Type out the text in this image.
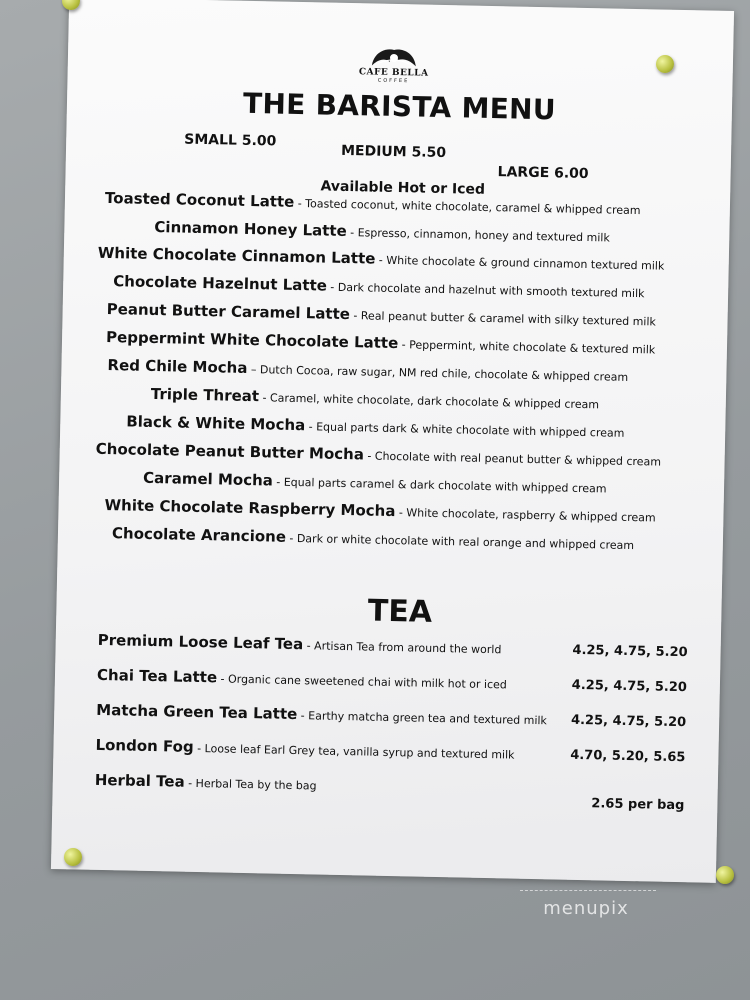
CAFE BELLA
COFFEE
THE BARISTA MENU
SMALL 5.00
MEDIUM 5.50
LARGE 6.00
Available Hot or Iced
Toasted Coconut Latte - Toasted coconut, white chocolate, caramel & whipped cream
Cinnamon Honey Latte - Espresso, cinnamon, honey and textured milk
White Chocolate Cinnamon Latte - White chocolate & ground cinnamon textured milk
Chocolate Hazelnut Latte - Dark chocolate and hazelnut with smooth textured milk
Peanut Butter Caramel Latte - Real peanut butter & caramel with silky textured milk
Peppermint White Chocolate Latte - Peppermint, white chocolate & textured milk
Red Chile Mocha – Dutch Cocoa, raw sugar, NM red chile, chocolate & whipped cream
Triple Threat - Caramel, white chocolate, dark chocolate & whipped cream
Black & White Mocha - Equal parts dark & white chocolate with whipped cream
Chocolate Peanut Butter Mocha - Chocolate with real peanut butter & whipped cream
Caramel Mocha - Equal parts caramel & dark chocolate with whipped cream
White Chocolate Raspberry Mocha - White chocolate, raspberry & whipped cream
Chocolate Arancione - Dark or white chocolate with real orange and whipped cream
TEA
Premium Loose Leaf Tea - Artisan Tea from around the world	4.25, 4.75, 5.20
Chai Tea Latte - Organic cane sweetened chai with milk hot or iced	4.25, 4.75, 5.20
Matcha Green Tea Latte - Earthy matcha green tea and textured milk 4.25, 4.75, 5.20
London Fog - Loose leaf Earl Grey tea, vanilla syrup and textured milk	4.70, 5.20, 5.65
Herbal Tea - Herbal Tea by the bag
2.65 per bag
menupix
